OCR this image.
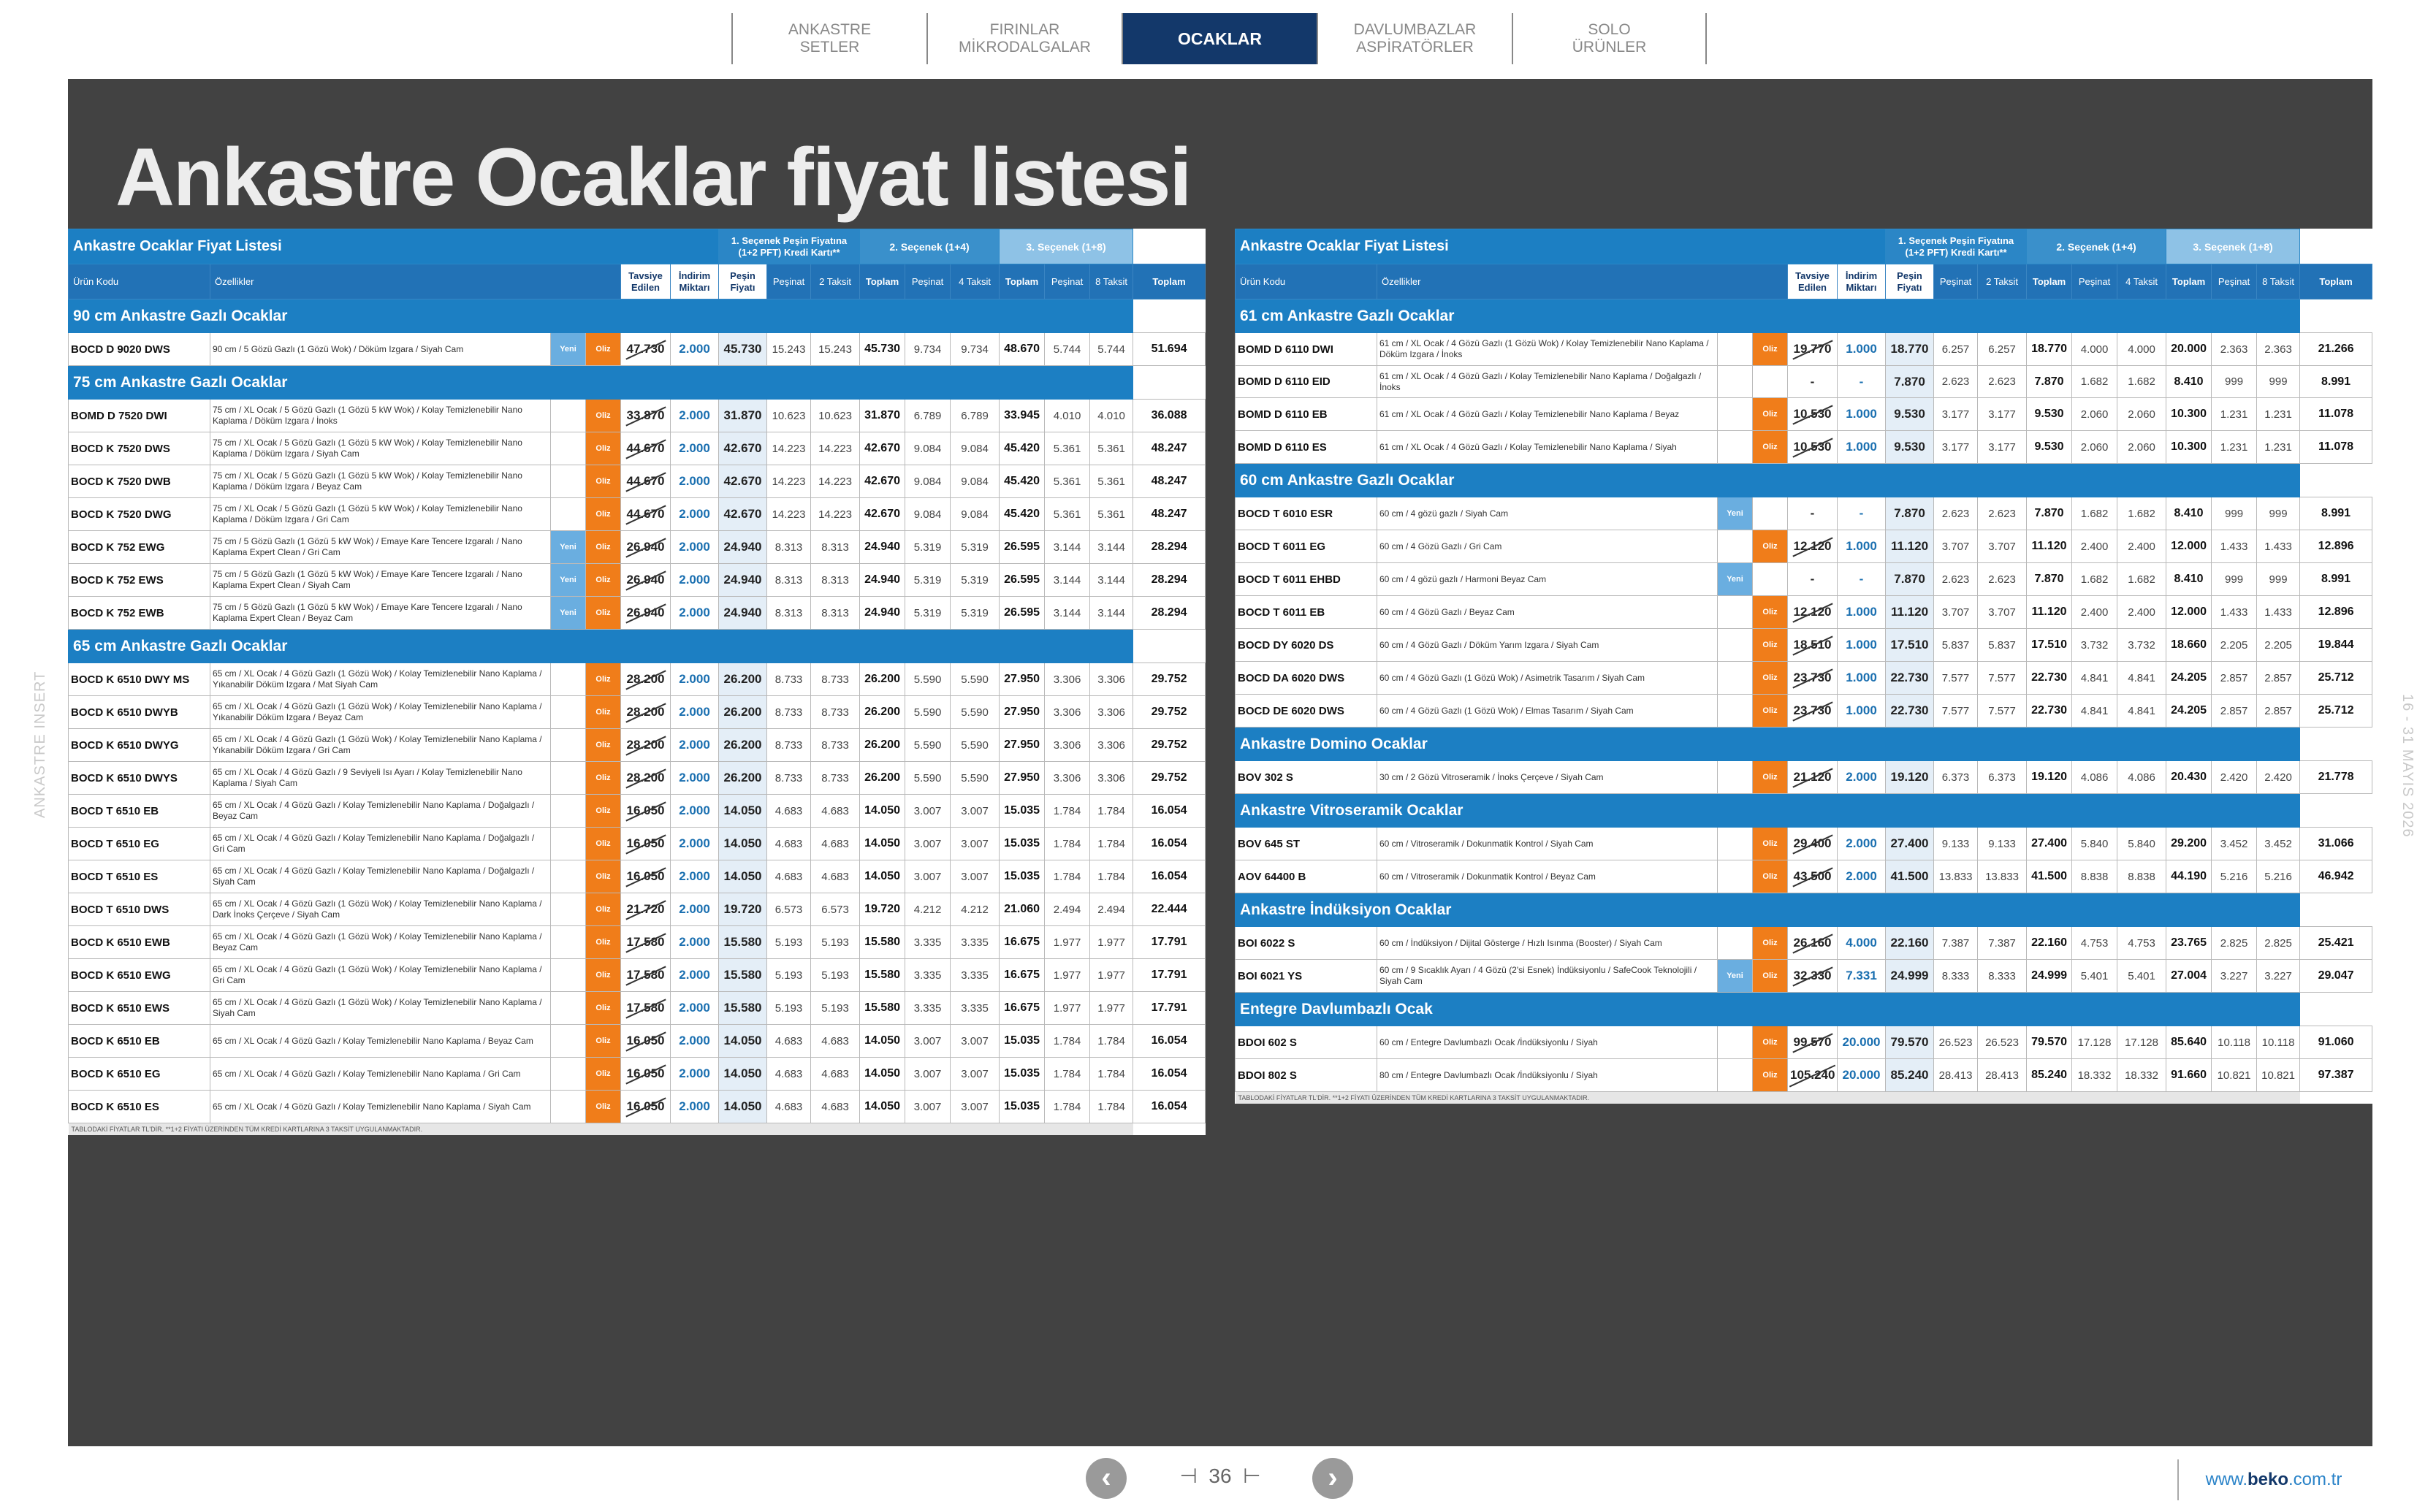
ANKASTRE
SETLER
FIRINLAR
MİKRODALGALAR	OCAKLAR	DAVLUMBAZLAR
ASPİRATÖRLER
SOLO
ÜRÜNLER
Ankastre Ocaklar fiyat listesi
Ankastre Ocaklar Fiyat Listesi						1. Seçenek Peşin Fiyatına (1+2 PFT) Kredi Kartı**			2. Seçenek (1+4)			3. Seçenek (1+8)			
Ürün Kodu	Özellikler			Tavsiye Edilen	İndirim Miktarı	Peşin Fiyatı	Peşinat	2 Taksit	Toplam	Peşinat	4 Taksit	Toplam	Peşinat	8 Taksit	Toplam
90 cm Ankastre Gazlı Ocaklar															
BOCD D 9020 DWS	90 cm / 5 Gözü Gazlı (1 Gözü Wok) / Döküm Izgara / Siyah Cam	Yeni	Oliz	47.730	2.000	45.730	15.243	15.243	45.730	9.734	9.734	48.670	5.744	5.744	51.694
75 cm Ankastre Gazlı Ocaklar															
BOMD D 7520 DWI	75 cm / XL Ocak / 5 Gözü Gazlı (1 Gözü 5 kW Wok) / Kolay Temizlenebilir Nano Kaplama / Döküm Izgara / İnoks		Oliz	33.870	2.000	31.870	10.623	10.623	31.870	6.789	6.789	33.945	4.010	4.010	36.088
BOCD K 7520 DWS	75 cm / XL Ocak / 5 Gözü Gazlı (1 Gözü 5 kW Wok) / Kolay Temizlenebilir Nano Kaplama / Döküm Izgara / Siyah Cam		Oliz	44.670	2.000	42.670	14.223	14.223	42.670	9.084	9.084	45.420	5.361	5.361	48.247
BOCD K 7520 DWB	75 cm / XL Ocak / 5 Gözü Gazlı (1 Gözü 5 kW Wok) / Kolay Temizlenebilir Nano Kaplama / Döküm Izgara / Beyaz Cam		Oliz	44.670	2.000	42.670	14.223	14.223	42.670	9.084	9.084	45.420	5.361	5.361	48.247
BOCD K 7520 DWG	75 cm / XL Ocak / 5 Gözü Gazlı (1 Gözü 5 kW Wok) / Kolay Temizlenebilir Nano Kaplama / Döküm Izgara / Gri Cam		Oliz	44.670	2.000	42.670	14.223	14.223	42.670	9.084	9.084	45.420	5.361	5.361	48.247
BOCD K 752 EWG	75 cm / 5 Gözü Gazlı (1 Gözü 5 kW Wok) / Emaye Kare Tencere Izgaralı / Nano Kaplama Expert Clean / Gri Cam	Yeni	Oliz	26.940	2.000	24.940	8.313	8.313	24.940	5.319	5.319	26.595	3.144	3.144	28.294
BOCD K 752 EWS	75 cm / 5 Gözü Gazlı (1 Gözü 5 kW Wok) / Emaye Kare Tencere Izgaralı / Nano Kaplama Expert Clean / Siyah Cam	Yeni	Oliz	26.940	2.000	24.940	8.313	8.313	24.940	5.319	5.319	26.595	3.144	3.144	28.294
BOCD K 752 EWB	75 cm / 5 Gözü Gazlı (1 Gözü 5 kW Wok) / Emaye Kare Tencere Izgaralı / Nano Kaplama Expert Clean / Beyaz Cam	Yeni	Oliz	26.940	2.000	24.940	8.313	8.313	24.940	5.319	5.319	26.595	3.144	3.144	28.294
65 cm Ankastre Gazlı Ocaklar															
BOCD K 6510 DWY MS	65 cm / XL Ocak / 4 Gözü Gazlı (1 Gözü Wok) / Kolay Temizlenebilir Nano Kaplama / Yıkanabilir Döküm Izgara / Mat Siyah Cam		Oliz	28.200	2.000	26.200	8.733	8.733	26.200	5.590	5.590	27.950	3.306	3.306	29.752
BOCD K 6510 DWYB	65 cm / XL Ocak / 4 Gözü Gazlı (1 Gözü Wok) / Kolay Temizlenebilir Nano Kaplama / Yıkanabilir Döküm Izgara / Beyaz Cam		Oliz	28.200	2.000	26.200	8.733	8.733	26.200	5.590	5.590	27.950	3.306	3.306	29.752
BOCD K 6510 DWYG	65 cm / XL Ocak / 4 Gözü Gazlı (1 Gözü Wok) / Kolay Temizlenebilir Nano Kaplama / Yıkanabilir Döküm Izgara / Gri Cam		Oliz	28.200	2.000	26.200	8.733	8.733	26.200	5.590	5.590	27.950	3.306	3.306	29.752
BOCD K 6510 DWYS	65 cm / XL Ocak / 4 Gözü Gazlı / 9 Seviyeli Isı Ayarı / Kolay Temizlenebilir Nano Kaplama / Siyah Cam		Oliz	28.200	2.000	26.200	8.733	8.733	26.200	5.590	5.590	27.950	3.306	3.306	29.752
BOCD T 6510 EB	65 cm / XL Ocak / 4 Gözü Gazlı / Kolay Temizlenebilir Nano Kaplama / Doğalgazlı / Beyaz Cam		Oliz	16.050	2.000	14.050	4.683	4.683	14.050	3.007	3.007	15.035	1.784	1.784	16.054
BOCD T 6510 EG	65 cm / XL Ocak / 4 Gözü Gazlı / Kolay Temizlenebilir Nano Kaplama / Doğalgazlı / Gri Cam		Oliz	16.050	2.000	14.050	4.683	4.683	14.050	3.007	3.007	15.035	1.784	1.784	16.054
BOCD T 6510 ES	65 cm / XL Ocak / 4 Gözü Gazlı / Kolay Temizlenebilir Nano Kaplama / Doğalgazlı / Siyah Cam		Oliz	16.050	2.000	14.050	4.683	4.683	14.050	3.007	3.007	15.035	1.784	1.784	16.054
BOCD T 6510 DWS	65 cm / XL Ocak / 4 Gözü Gazlı (1 Gözü Wok) / Kolay Temizlenebilir Nano Kaplama / Dark İnoks Çerçeve / Siyah Cam		Oliz	21.720	2.000	19.720	6.573	6.573	19.720	4.212	4.212	21.060	2.494	2.494	22.444
BOCD K 6510 EWB	65 cm / XL Ocak / 4 Gözü Gazlı (1 Gözü Wok) / Kolay Temizlenebilir Nano Kaplama / Beyaz Cam		Oliz	17.580	2.000	15.580	5.193	5.193	15.580	3.335	3.335	16.675	1.977	1.977	17.791
BOCD K 6510 EWG	65 cm / XL Ocak / 4 Gözü Gazlı (1 Gözü Wok) / Kolay Temizlenebilir Nano Kaplama / Gri Cam		Oliz	17.580	2.000	15.580	5.193	5.193	15.580	3.335	3.335	16.675	1.977	1.977	17.791
BOCD K 6510 EWS	65 cm / XL Ocak / 4 Gözü Gazlı (1 Gözü Wok) / Kolay Temizlenebilir Nano Kaplama / Siyah Cam		Oliz	17.580	2.000	15.580	5.193	5.193	15.580	3.335	3.335	16.675	1.977	1.977	17.791
BOCD K 6510 EB	65 cm / XL Ocak / 4 Gözü Gazlı / Kolay Temizlenebilir Nano Kaplama / Beyaz Cam		Oliz	16.050	2.000	14.050	4.683	4.683	14.050	3.007	3.007	15.035	1.784	1.784	16.054
BOCD K 6510 EG	65 cm / XL Ocak / 4 Gözü Gazlı / Kolay Temizlenebilir Nano Kaplama / Gri Cam		Oliz	16.050	2.000	14.050	4.683	4.683	14.050	3.007	3.007	15.035	1.784	1.784	16.054
BOCD K 6510 ES	65 cm / XL Ocak / 4 Gözü Gazlı / Kolay Temizlenebilir Nano Kaplama / Siyah Cam		Oliz	16.050	2.000	14.050	4.683	4.683	14.050	3.007	3.007	15.035	1.784	1.784	16.054
TABLODAKİ FİYATLAR TL'DİR. **1+2 FİYATI ÜZERİNDEN TÜM KREDİ KARTLARINA 3 TAKSİT UYGULANMAKTADIR.															
Ankastre Ocaklar Fiyat Listesi						1. Seçenek Peşin Fiyatına (1+2 PFT) Kredi Kartı**			2. Seçenek (1+4)			3. Seçenek (1+8)			
Ürün Kodu	Özellikler			Tavsiye Edilen	İndirim Miktarı	Peşin Fiyatı	Peşinat	2 Taksit	Toplam	Peşinat	4 Taksit	Toplam	Peşinat	8 Taksit	Toplam
61 cm Ankastre Gazlı Ocaklar															
BOMD D 6110 DWI	61 cm / XL Ocak / 4 Gözü Gazlı (1 Gözü Wok) / Kolay Temizlenebilir Nano Kaplama / Döküm Izgara / İnoks		Oliz	19.770	1.000	18.770	6.257	6.257	18.770	4.000	4.000	20.000	2.363	2.363	21.266
BOMD D 6110 EID	61 cm / XL Ocak / 4 Gözü Gazlı / Kolay Temizlenebilir Nano Kaplama / Doğalgazlı / İnoks			-	-	7.870	2.623	2.623	7.870	1.682	1.682	8.410	999	999	8.991
BOMD D 6110 EB	61 cm / XL Ocak / 4 Gözü Gazlı / Kolay Temizlenebilir Nano Kaplama / Beyaz		Oliz	10.530	1.000	9.530	3.177	3.177	9.530	2.060	2.060	10.300	1.231	1.231	11.078
BOMD D 6110 ES	61 cm / XL Ocak / 4 Gözü Gazlı / Kolay Temizlenebilir Nano Kaplama / Siyah		Oliz	10.530	1.000	9.530	3.177	3.177	9.530	2.060	2.060	10.300	1.231	1.231	11.078
60 cm Ankastre Gazlı Ocaklar															
BOCD T 6010 ESR	60 cm / 4 gözü gazlı / Siyah Cam	Yeni		-	-	7.870	2.623	2.623	7.870	1.682	1.682	8.410	999	999	8.991
BOCD T 6011 EG	60 cm / 4 Gözü Gazlı / Gri Cam		Oliz	12.120	1.000	11.120	3.707	3.707	11.120	2.400	2.400	12.000	1.433	1.433	12.896
BOCD T 6011 EHBD	60 cm / 4 gözü gazlı / Harmoni Beyaz Cam	Yeni		-	-	7.870	2.623	2.623	7.870	1.682	1.682	8.410	999	999	8.991
BOCD T 6011 EB	60 cm / 4 Gözü Gazlı / Beyaz Cam		Oliz	12.120	1.000	11.120	3.707	3.707	11.120	2.400	2.400	12.000	1.433	1.433	12.896
BOCD DY 6020 DS	60 cm / 4 Gözü Gazlı / Döküm Yarım Izgara / Siyah Cam		Oliz	18.510	1.000	17.510	5.837	5.837	17.510	3.732	3.732	18.660	2.205	2.205	19.844
BOCD DA 6020 DWS	60 cm / 4 Gözü Gazlı (1 Gözü Wok) / Asimetrik Tasarım / Siyah Cam		Oliz	23.730	1.000	22.730	7.577	7.577	22.730	4.841	4.841	24.205	2.857	2.857	25.712
BOCD DE 6020 DWS	60 cm / 4 Gözü Gazlı (1 Gözü Wok) / Elmas Tasarım / Siyah Cam		Oliz	23.730	1.000	22.730	7.577	7.577	22.730	4.841	4.841	24.205	2.857	2.857	25.712
Ankastre Domino Ocaklar															
BOV 302 S	30 cm / 2 Gözü Vitroseramik / İnoks Çerçeve / Siyah Cam		Oliz	21.120	2.000	19.120	6.373	6.373	19.120	4.086	4.086	20.430	2.420	2.420	21.778
Ankastre Vitroseramik Ocaklar															
BOV 645 ST	60 cm / Vitroseramik / Dokunmatik Kontrol / Siyah Cam		Oliz	29.400	2.000	27.400	9.133	9.133	27.400	5.840	5.840	29.200	3.452	3.452	31.066
AOV 64400 B	60 cm / Vitroseramik / Dokunmatik Kontrol / Beyaz Cam		Oliz	43.500	2.000	41.500	13.833	13.833	41.500	8.838	8.838	44.190	5.216	5.216	46.942
Ankastre İndüksiyon Ocaklar															
BOI 6022 S	60 cm / İndüksiyon / Dijital Gösterge / Hızlı Isınma (Booster) / Siyah Cam		Oliz	26.160	4.000	22.160	7.387	7.387	22.160	4.753	4.753	23.765	2.825	2.825	25.421
BOI 6021 YS	60 cm / 9 Sıcaklık Ayarı / 4 Gözü (2'si Esnek) İndüksiyonlu / SafeCook Teknolojili / Siyah Cam	Yeni	Oliz	32.330	7.331	24.999	8.333	8.333	24.999	5.401	5.401	27.004	3.227	3.227	29.047
Entegre Davlumbazlı Ocak															
BDOI 602 S	60 cm / Entegre Davlumbazlı Ocak /İndüksiyonlu / Siyah		Oliz	99.570	20.000	79.570	26.523	26.523	79.570	17.128	17.128	85.640	10.118	10.118	91.060
BDOI 802 S	80 cm / Entegre Davlumbazlı Ocak /İndüksiyonlu / Siyah		Oliz	105.240	20.000	85.240	28.413	28.413	85.240	18.332	18.332	91.660	10.821	10.821	97.387
TABLODAKİ FİYATLAR TL'DİR. **1+2 FİYATI ÜZERİNDEN TÜM KREDİ KARTLARINA 3 TAKSİT UYGULANMAKTADIR.															
ANKASTRE INSERT	16 - 31 MAYIS 2026
‹	⊣  36  ⊢	›	www. beko .com.tr
